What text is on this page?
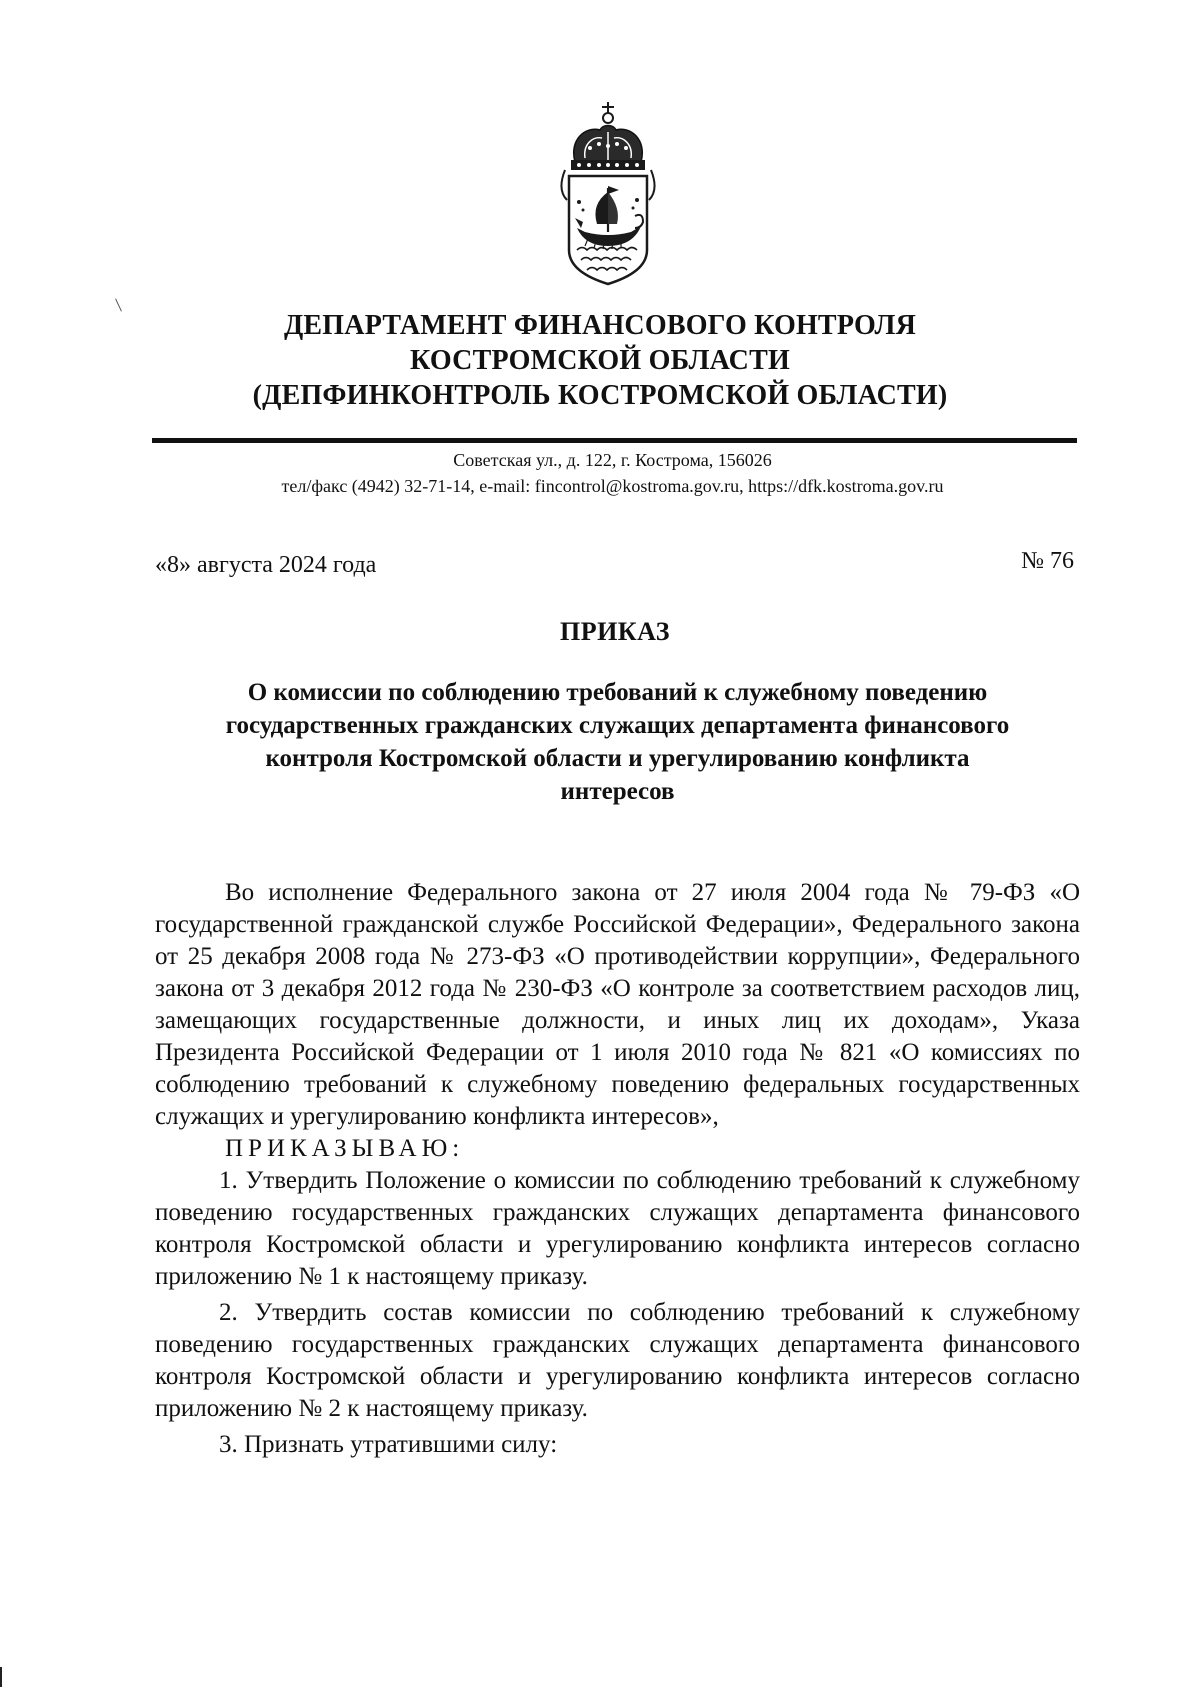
ДЕПАРТАМЕНТ ФИНАНСОВОГО КОНТРОЛЯ
КОСТРОМСКОЙ ОБЛАСТИ
(ДЕПФИНКОНТРОЛЬ КОСТРОМСКОЙ ОБЛАСТИ)
Советская ул., д. 122, г. Кострома, 156026
тел/факс (4942) 32-71-14, e-mail: fincontrol@kostroma.gov.ru, https://dfk.kostroma.gov.ru
«8» августа 2024 года	№ 76
ПРИКАЗ
О комиссии по соблюдению требований к служебному поведению
государственных гражданских служащих департамента финансового
контроля Костромской области и урегулированию конфликта
интересов

Во исполнение Федерального закона от 27 июля 2004 года № 79-ФЗ «О государственной гражданской службе Российской Федерации», Федерального закона от 25 декабря 2008 года № 273-ФЗ «О противодействии коррупции», Федерального закона от 3 декабря 2012 года № 230-ФЗ «О контроле за соответствием расходов лиц, замещающих государственные должности, и иных лиц их доходам», Указа Президента Российской Федерации от 1 июля 2010 года № 821 «О комиссиях по соблюдению требований к служебному поведению федеральных государственных служащих и урегулированию конфликта интересов»,

ПРИКАЗЫВАЮ:

1. Утвердить Положение о комиссии по соблюдению требований к служебному поведению государственных гражданских служащих департамента финансового контроля Костромской области и урегулированию конфликта интересов согласно приложению № 1 к настоящему приказу.

2. Утвердить состав комиссии по соблюдению требований к служебному поведению государственных гражданских служащих департамента финансового контроля Костромской области и урегулированию конфликта интересов согласно приложению № 2 к настоящему приказу.

3. Признать утратившими силу:
